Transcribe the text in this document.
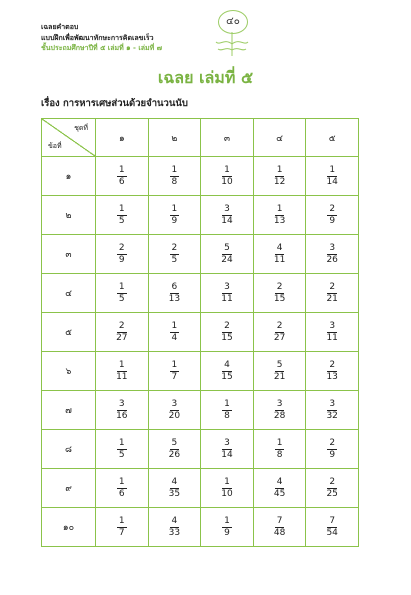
เฉลยคำตอบ
แบบฝึกเพื่อพัฒนาทักษะการคิดเลขเร็ว
ชั้นประถมศึกษาปีที่ ๕ เล่มที่ ๑ - เล่มที่ ๗
๔๐
เฉลย เล่มที่ ๕
เรื่อง การหารเศษส่วนด้วยจำนวนนับ
ชุดที่
ข้อที่	๑	๒	๓	๔	๕
๑	$\frac{1}{6}$	$\frac{1}{8}$	$\frac{1}{10}$	$\frac{1}{12}$	$\frac{1}{14}$

๒	$\frac{1}{5}$	$\frac{1}{9}$	$\frac{3}{14}$	$\frac{1}{13}$	$\frac{2}{9}$

๓	$\frac{2}{9}$	$\frac{2}{5}$	$\frac{5}{24}$	$\frac{4}{11}$	$\frac{3}{26}$

๔	$\frac{1}{5}$	$\frac{6}{13}$	$\frac{3}{11}$	$\frac{2}{15}$	$\frac{2}{21}$

๕	$\frac{2}{27}$	$\frac{1}{4}$	$\frac{2}{15}$	$\frac{2}{27}$	$\frac{3}{11}$

๖	$\frac{1}{11}$	$\frac{1}{7}$	$\frac{4}{15}$	$\frac{5}{21}$	$\frac{2}{13}$

๗	$\frac{3}{16}$	$\frac{3}{20}$	$\frac{1}{8}$	$\frac{3}{28}$	$\frac{3}{32}$

๘	$\frac{1}{5}$	$\frac{5}{26}$	$\frac{3}{14}$	$\frac{1}{8}$	$\frac{2}{9}$

๙	$\frac{1}{6}$	$\frac{4}{35}$	$\frac{1}{10}$	$\frac{4}{45}$	$\frac{2}{25}$

๑๐	$\frac{1}{7}$	$\frac{4}{33}$	$\frac{1}{9}$	$\frac{7}{48}$	$\frac{7}{54}$
